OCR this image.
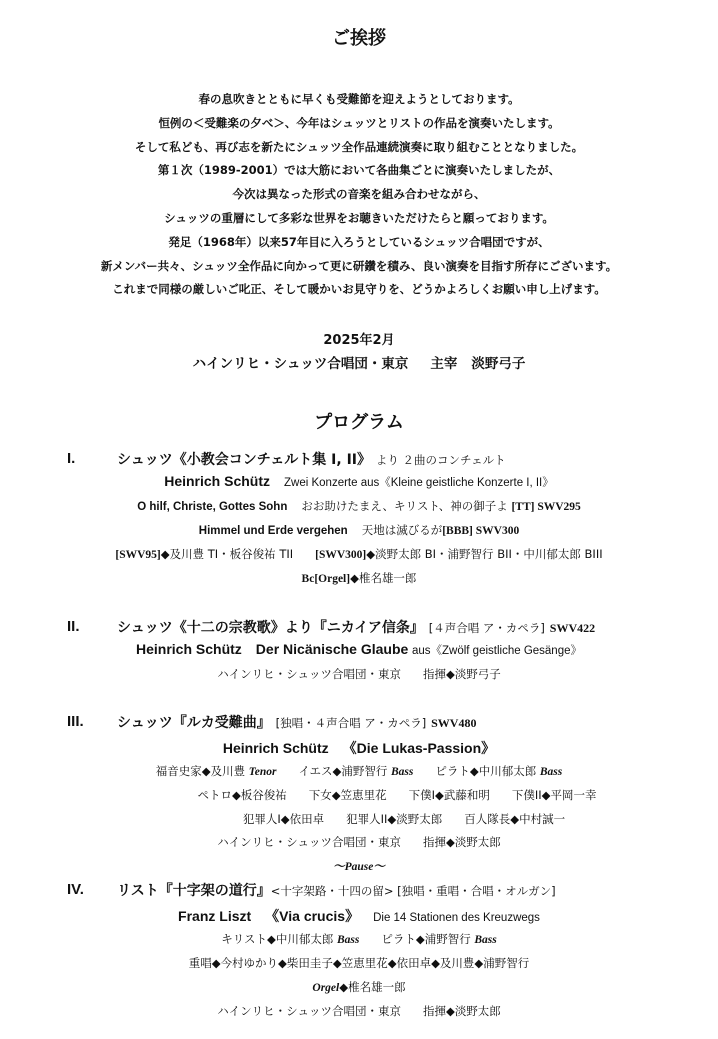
ご挨拶
春の息吹きとともに早くも受難節を迎えようとしております。
恒例の＜受難楽の夕べ＞、今年はシュッツとリストの作品を演奏いたします。
そして私ども、再び志を新たにシュッツ全作品連続演奏に取り組むこととなりました。
第１次（1989-2001）では大筋において各曲集ごとに演奏いたしましたが、
今次は異なった形式の音楽を組み合わせながら、
シュッツの重層にして多彩な世界をお聴きいただけたらと願っております。
発足（1968年）以来57年目に入ろうとしているシュッツ合唱団ですが、
新メンバー共々、シュッツ全作品に向かって更に研鑽を積み、良い演奏を目指す所存にございます。
これまで同様の厳しいご叱正、そして暖かいお見守りを、どうかよろしくお願い申し上げます。
2025年2月
ハインリヒ・シュッツ合唱団・東京 主宰 淡野弓子
プログラム
I.	シュッツ《小教会コンチェルト集 I, II》 より ２曲のコンチェルト
Heinrich Schütz Zwei Konzerte aus《Kleine geistliche Konzerte I, II》
O hilf, Christe, Gottes Sohn おお助けたまえ、キリスト、神の御子よ [TT] SWV295
Himmel und Erde vergehen 天地は滅びるが[BBB] SWV300
[SWV95]◆及川豊 TI・板谷俊祐 TII [SWV300]◆淡野太郎 BI・浦野智行 BII・中川郁太郎 BIII
Bc[Orgel]◆椎名雄一郎
II.	シュッツ《十二の宗教歌》より『ニカイア信条』 [４声合唱 ア・カペラ] SWV422
Heinrich Schütz Der Nicänische Glaube aus《Zwölf geistliche Gesänge》
ハインリヒ・シュッツ合唱団・東京 指揮◆淡野弓子
III. シュッツ『ルカ受難曲』 [独唱・４声合唱 ア・カペラ] SWV480
Heinrich Schütz 《Die Lukas-Passion》
福音史家◆及川豊 Tenor イエス◆浦野智行 Bass ピラト◆中川郁太郎 Bass
ペトロ◆板谷俊祐 下女◆笠恵里花 下僕I◆武藤和明 下僕II◆平岡一幸
犯罪人I◆依田卓 犯罪人II◆淡野太郎 百人隊長◆中村誠一
ハインリヒ・シュッツ合唱団・東京 指揮◆淡野太郎
〜Pause〜
IV. リスト『十字架の道行』<十字架路・十四の留> [独唱・重唱・合唱・オルガン]
Franz Liszt 《Via crucis》 Die 14 Stationen des Kreuzwegs
キリスト◆中川郁太郎 Bass ピラト◆浦野智行 Bass
重唱◆今村ゆかり◆柴田圭子◆笠恵里花◆依田卓◆及川豊◆浦野智行
Orgel◆椎名雄一郎
ハインリヒ・シュッツ合唱団・東京 指揮◆淡野太郎
